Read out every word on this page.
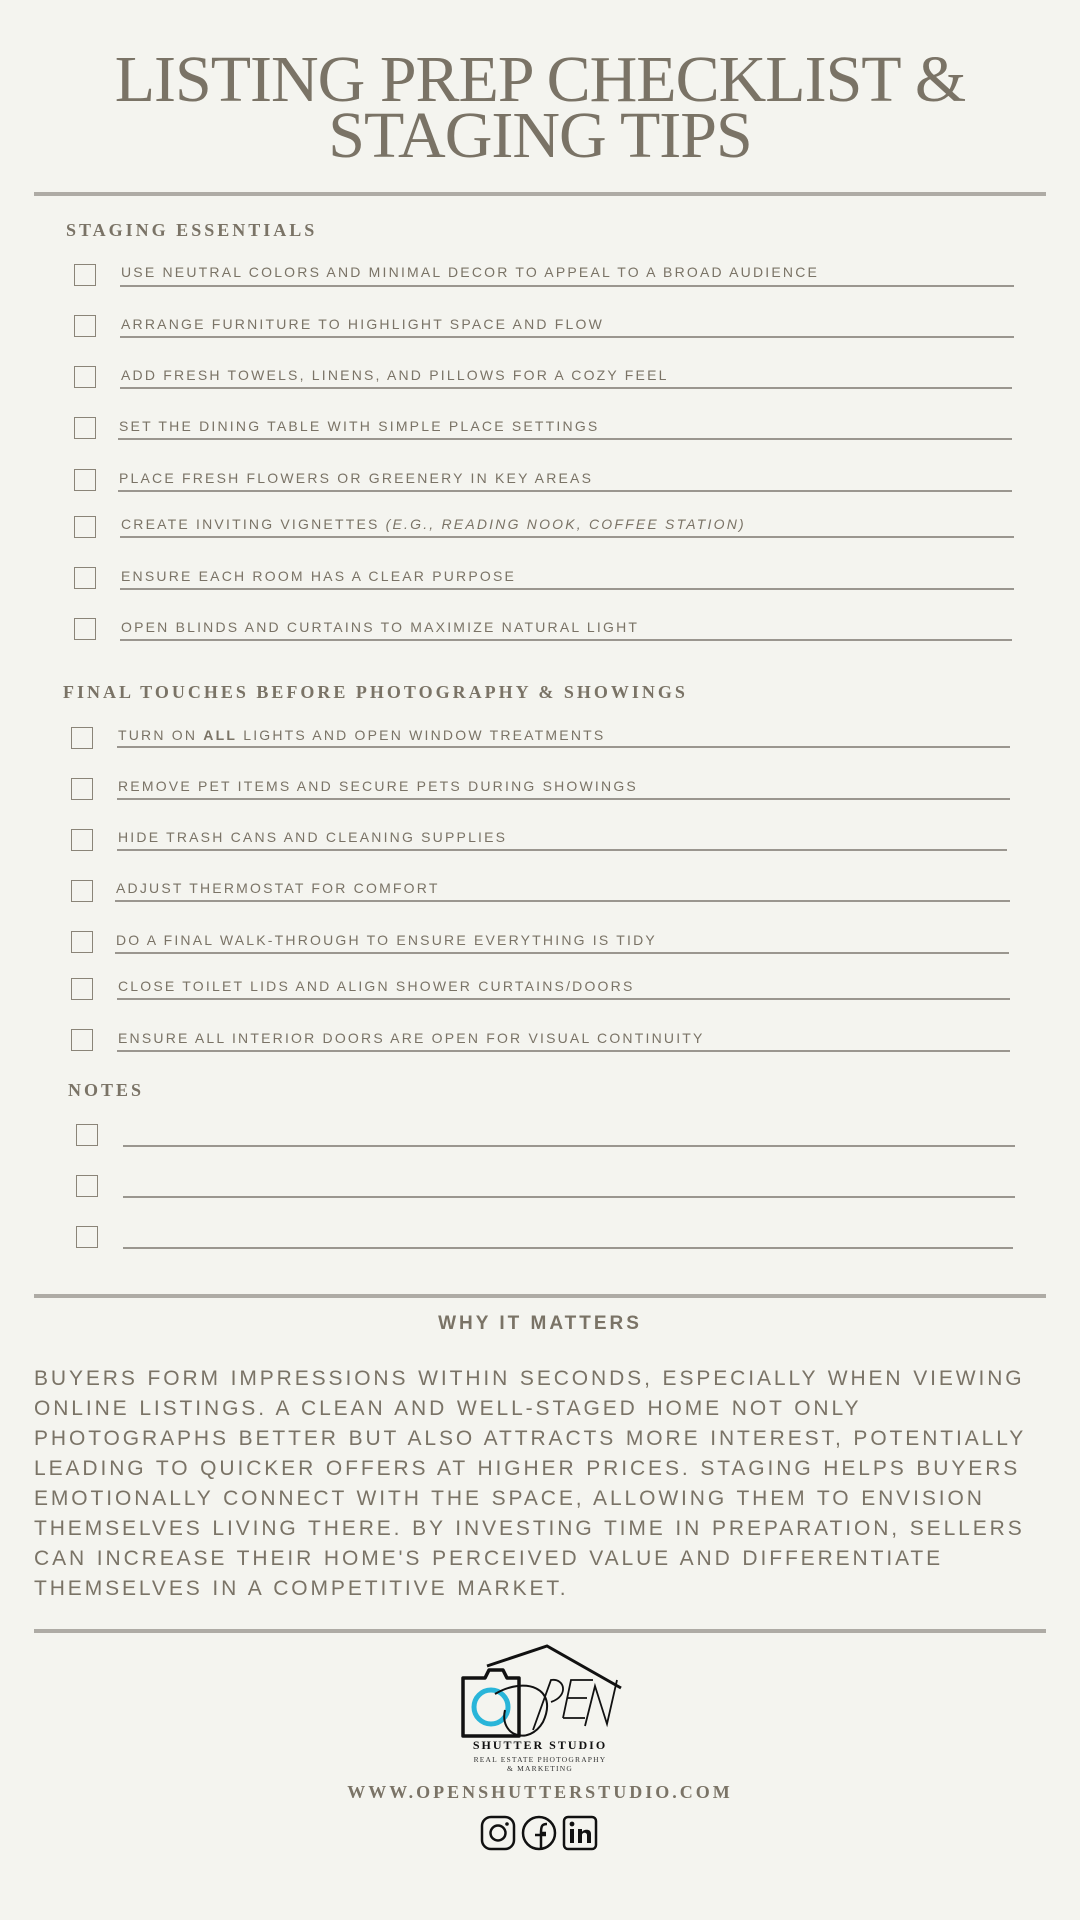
LISTING PREP CHECKLIST &
STAGING TIPS
STAGING ESSENTIALS
USE NEUTRAL COLORS AND MINIMAL DECOR TO APPEAL TO A BROAD AUDIENCE
ARRANGE FURNITURE TO HIGHLIGHT SPACE AND FLOW
ADD FRESH TOWELS, LINENS, AND PILLOWS FOR A COZY FEEL
SET THE DINING TABLE WITH SIMPLE PLACE SETTINGS
PLACE FRESH FLOWERS OR GREENERY IN KEY AREAS
CREATE INVITING VIGNETTES (E.G., READING NOOK, COFFEE STATION)
ENSURE EACH ROOM HAS A CLEAR PURPOSE
OPEN BLINDS AND CURTAINS TO MAXIMIZE NATURAL LIGHT
FINAL TOUCHES BEFORE PHOTOGRAPHY & SHOWINGS
TURN ON ALL LIGHTS AND OPEN WINDOW TREATMENTS
REMOVE PET ITEMS AND SECURE PETS DURING SHOWINGS
HIDE TRASH CANS AND CLEANING SUPPLIES
ADJUST THERMOSTAT FOR COMFORT
DO A FINAL WALK-THROUGH TO ENSURE EVERYTHING IS TIDY
CLOSE TOILET LIDS AND ALIGN SHOWER CURTAINS/DOORS
ENSURE ALL INTERIOR DOORS ARE OPEN FOR VISUAL CONTINUITY
NOTES
WHY IT MATTERS
BUYERS FORM IMPRESSIONS WITHIN SECONDS, ESPECIALLY WHEN VIEWING ONLINE LISTINGS. A CLEAN AND WELL-STAGED HOME NOT ONLY PHOTOGRAPHS BETTER BUT ALSO ATTRACTS MORE INTEREST, POTENTIALLY LEADING TO QUICKER OFFERS AT HIGHER PRICES. STAGING HELPS BUYERS EMOTIONALLY CONNECT WITH THE SPACE, ALLOWING THEM TO ENVISION THEMSELVES LIVING THERE. BY INVESTING TIME IN PREPARATION, SELLERS CAN INCREASE THEIR HOME'S PERCEIVED VALUE AND DIFFERENTIATE THEMSELVES IN A COMPETITIVE MARKET.
SHUTTER STUDIO
REAL ESTATE PHOTOGRAPHY
& MARKETING
WWW.OPENSHUTTERSTUDIO.COM
